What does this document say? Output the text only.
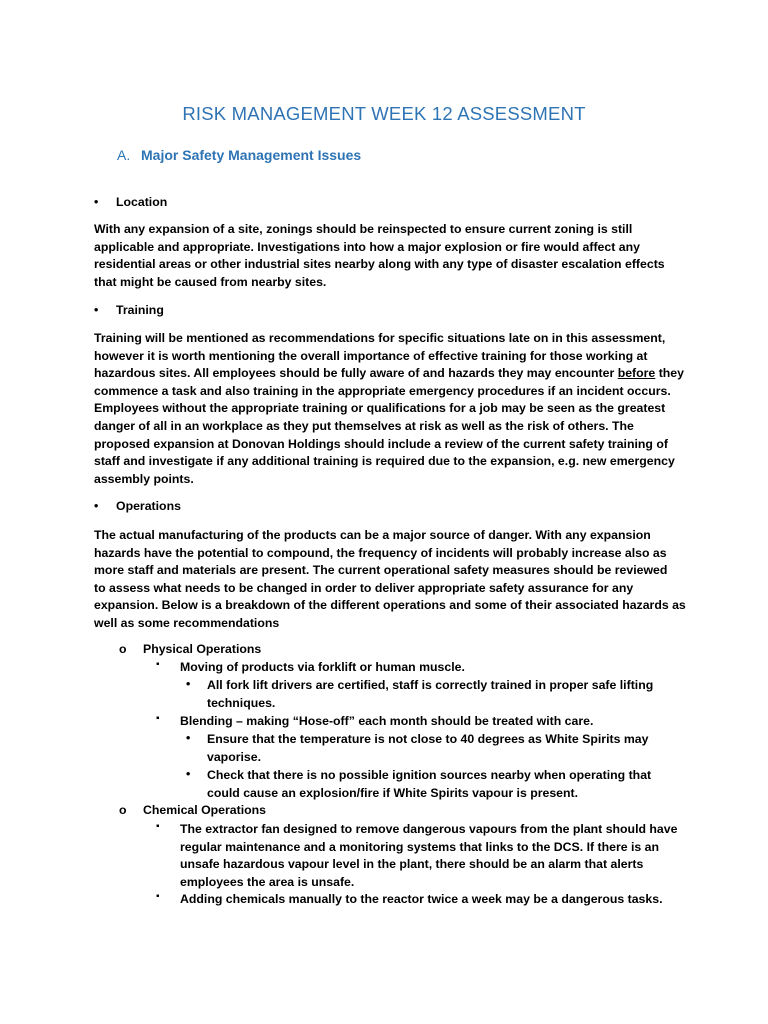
RISK MANAGEMENT WEEK 12 ASSESSMENT
A. Major Safety Management Issues
• Location
With any expansion of a site, zonings should be reinspected to ensure current zoning is still
applicable and appropriate. Investigations into how a major explosion or fire would affect any
residential areas or other industrial sites nearby along with any type of disaster escalation effects
that might be caused from nearby sites.
• Training
Training will be mentioned as recommendations for specific situations late on in this assessment,
however it is worth mentioning the overall importance of effective training for those working at
hazardous sites. All employees should be fully aware of and hazards they may encounter before they
commence a task and also training in the appropriate emergency procedures if an incident occurs.
Employees without the appropriate training or qualifications for a job may be seen as the greatest
danger of all in an workplace as they put themselves at risk as well as the risk of others. The
proposed expansion at Donovan Holdings should include a review of the current safety training of
staff and investigate if any additional training is required due to the expansion, e.g. new emergency
assembly points.
• Operations
The actual manufacturing of the products can be a major source of danger. With any expansion
hazards have the potential to compound, the frequency of incidents will probably increase also as
more staff and materials are present. The current operational safety measures should be reviewed
to assess what needs to be changed in order to deliver appropriate safety assurance for any
expansion. Below is a breakdown of the different operations and some of their associated hazards as
well as some recommendations
o Physical Operations
▪ Moving of products via forklift or human muscle.
• All fork lift drivers are certified, staff is correctly trained in proper safe lifting
techniques.
▪ Blending – making “Hose-off” each month should be treated with care.
• Ensure that the temperature is not close to 40 degrees as White Spirits may
vaporise.
• Check that there is no possible ignition sources nearby when operating that
could cause an explosion/fire if White Spirits vapour is present.
o Chemical Operations
▪ The extractor fan designed to remove dangerous vapours from the plant should have
regular maintenance and a monitoring systems that links to the DCS. If there is an
unsafe hazardous vapour level in the plant, there should be an alarm that alerts
employees the area is unsafe.
▪ Adding chemicals manually to the reactor twice a week may be a dangerous tasks.
